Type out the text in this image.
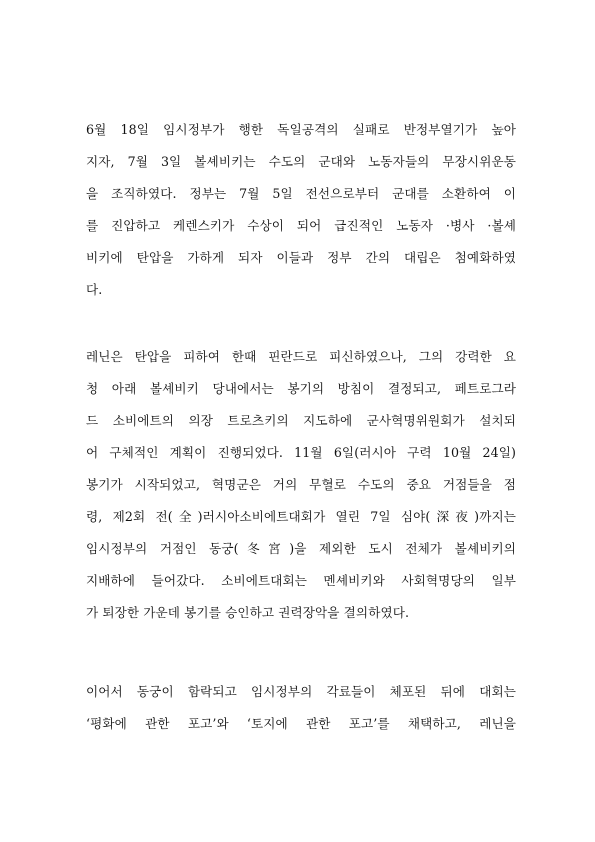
6월 18일 임시정부가 행한 독일공격의 실패로 반정부열기가 높아
지자, 7월 3일 볼셰비키는 수도의 군대와 노동자들의 무장시위운동
을 조직하였다. 정부는 7월 5일 전선으로부터 군대를 소환하여 이
를 진압하고 케렌스키가 수상이 되어 급진적인 노동자 ·병사 ·볼셰
비키에 탄압을 가하게 되자 이들과 정부 간의 대립은 첨예화하였
다.
레닌은 탄압을 피하여 한때 핀란드로 피신하였으나, 그의 강력한 요
청 아래 볼셰비키 당내에서는 봉기의 방침이 결정되고, 페트로그라
드 소비에트의 의장 트로츠키의 지도하에 군사혁명위원회가 설치되
어 구체적인 계획이 진행되었다. 11월 6일(러시아 구력 10월 24일)
봉기가 시작되었고, 혁명군은 거의 무혈로 수도의 중요 거점들을 점
령, 제2회 전(全)러시아소비에트대회가 열린 7일 심야(深夜)까지는
임시정부의 거점인 동궁(冬宮)을 제외한 도시 전체가 볼셰비키의
지배하에 들어갔다. 소비에트대회는 멘셰비키와 사회혁명당의 일부
가 퇴장한 가운데 봉기를 승인하고 권력장악을 결의하였다.
이어서 동궁이 함락되고 임시정부의 각료들이 체포된 뒤에 대회는
‘평화에 관한 포고’와 ‘토지에 관한 포고’를 채택하고, 레닌을
